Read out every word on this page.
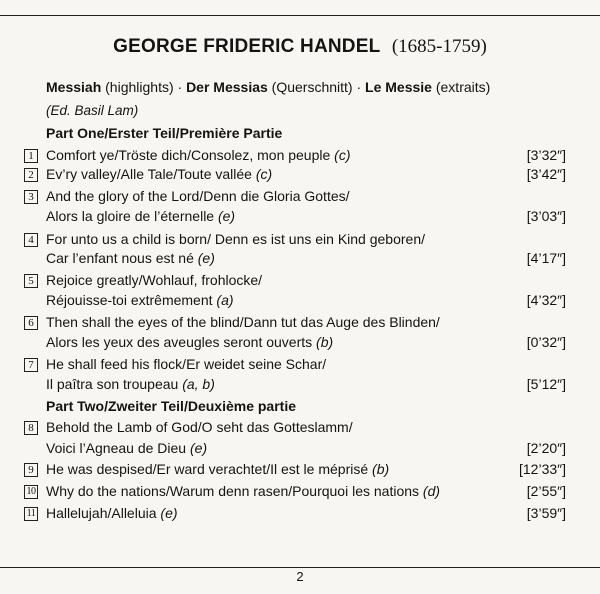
GEORGE FRIDERIC HANDEL (1685-1759)
Messiah (highlights) · Der Messias (Querschnitt) · Le Messie (extraits)
(Ed. Basil Lam)
Part One/Erster Teil/Première Partie
1 Comfort ye/Tröste dich/Consolez, mon peuple (c)	[3’32″]
2 Ev’ry valley/Alle Tale/Toute vallée (c)	[3’42″]
3 And the glory of the Lord/Denn die Gloria Gottes/
Alors la gloire de l’éternelle (e)	[3’03″]
4 For unto us a child is born/ Denn es ist uns ein Kind geboren/
Car l’enfant nous est né (e)	[4’17″]
5 Rejoice greatly/Wohlauf, frohlocke/
Réjouisse-toi extrêmement (a)	[4’32″]
6 Then shall the eyes of the blind/Dann tut das Auge des Blinden/
Alors les yeux des aveugles seront ouverts (b)	[0’32″]
7 He shall feed his flock/Er weidet seine Schar/
Il paîtra son troupeau (a, b)	[5’12″]
Part Two/Zweiter Teil/Deuxième partie
8 Behold the Lamb of God/O seht das Gotteslamm/
Voici l’Agneau de Dieu (e)	[2’20″]
9 He was despised/Er ward verachtet/Il est le méprisé (b)	[12’33″]
10 Why do the nations/Warum denn rasen/Pourquoi les nations (d)	[2’55″]
11 Hallelujah/Alleluia (e)	[3’59″]
2
